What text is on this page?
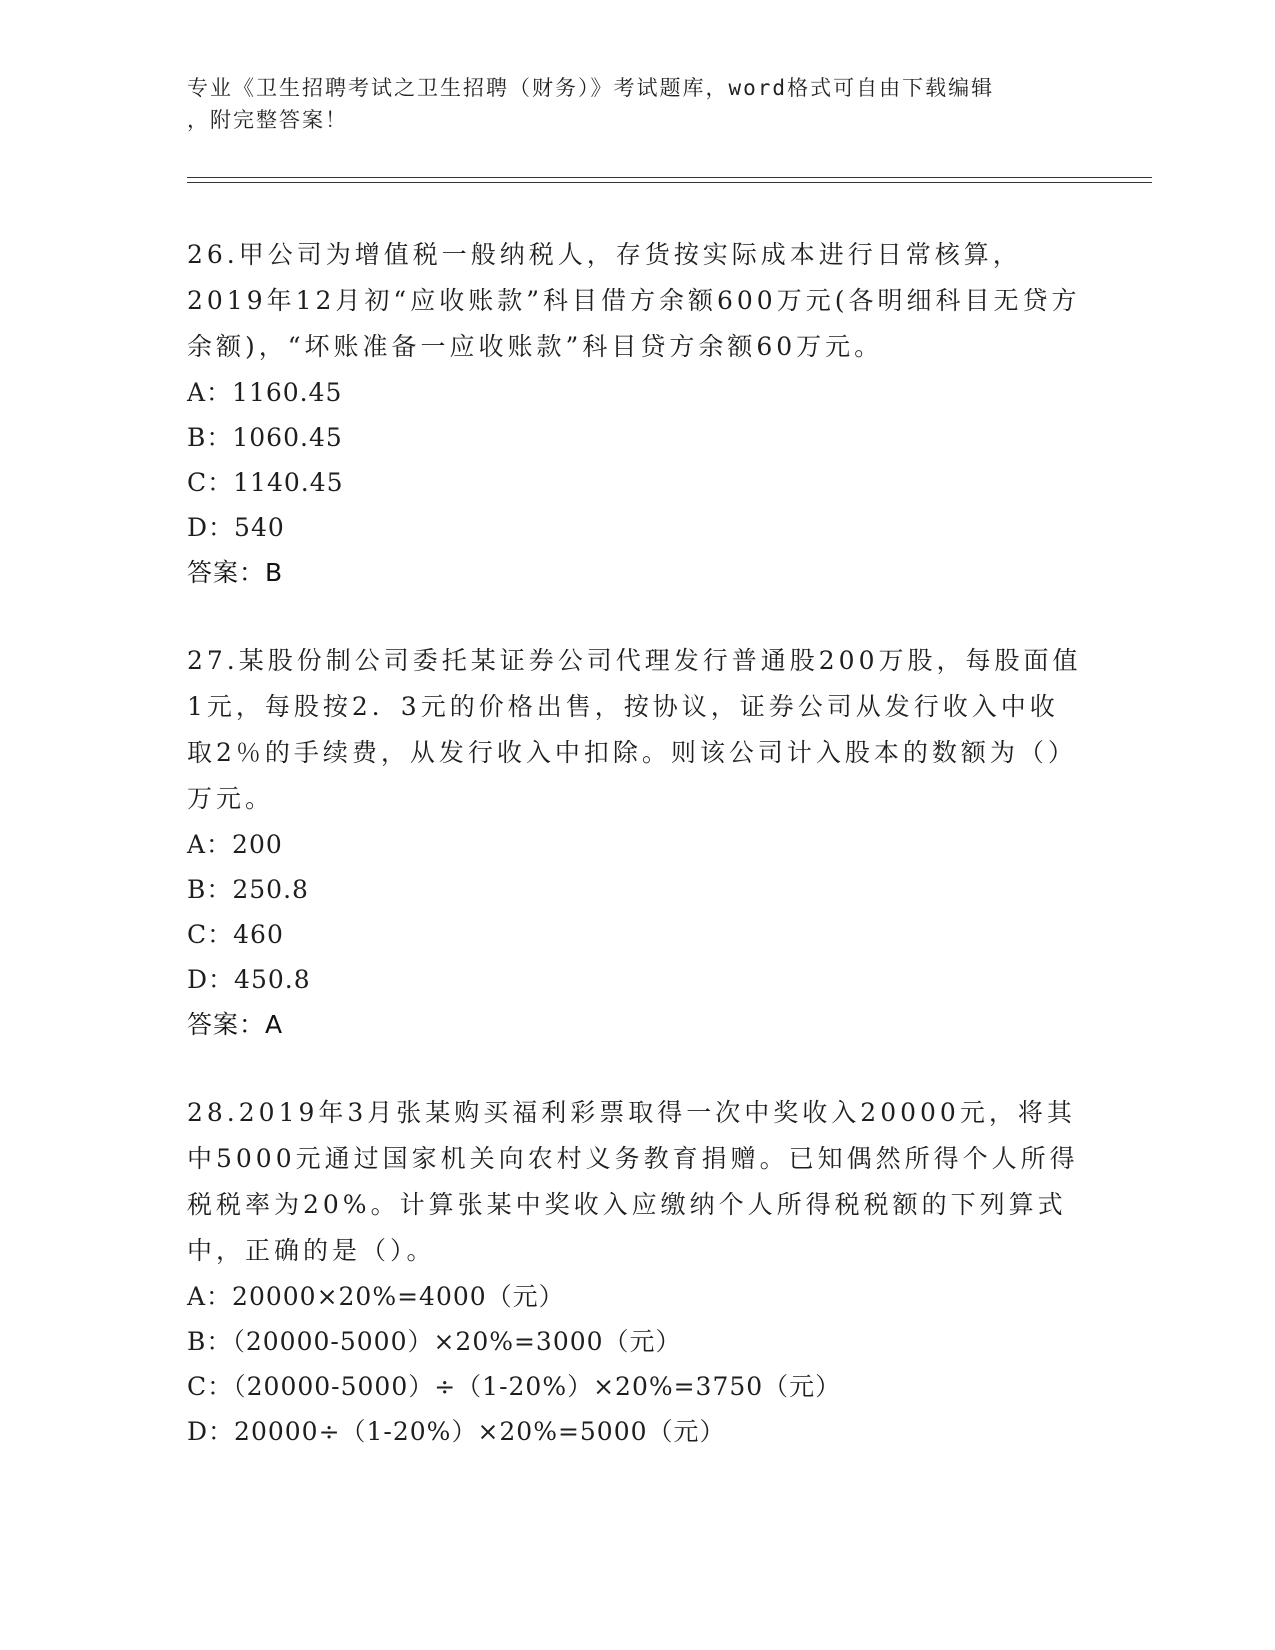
专业《卫生招聘考试之卫生招聘（财务）》考试题库，word格式可自由下载编辑
，附完整答案！

26.甲公司为增值税一般纳税人，存货按实际成本进行日常核算，2019年12月初“应收账款”科目借方余额600万元(各明细科目无贷方余额)，“坏账准备一应收账款”科目贷方余额60万元。

A：1160.45
B：1060.45
C：1140.45
D：540
答案：B

27.某股份制公司委托某证券公司代理发行普通股200万股，每股面值1元，每股按2．3元的价格出售，按协议，证券公司从发行收入中收取2％的手续费，从发行收入中扣除。则该公司计入股本的数额为（）万元。

A：200
B：250.8
C：460
D：450.8
答案：A

28.2019年3月张某购买福利彩票取得一次中奖收入20000元，将其中5000元通过国家机关向农村义务教育捐赠。已知偶然所得个人所得税税率为20%。计算张某中奖收入应缴纳个人所得税税额的下列算式中，正确的是（）。

A：20000×20%=4000（元）
B：（20000-5000）×20%=3000（元）
C：（20000-5000）÷（1-20%）×20%=3750（元）
D：20000÷（1-20%）×20%=5000（元）
